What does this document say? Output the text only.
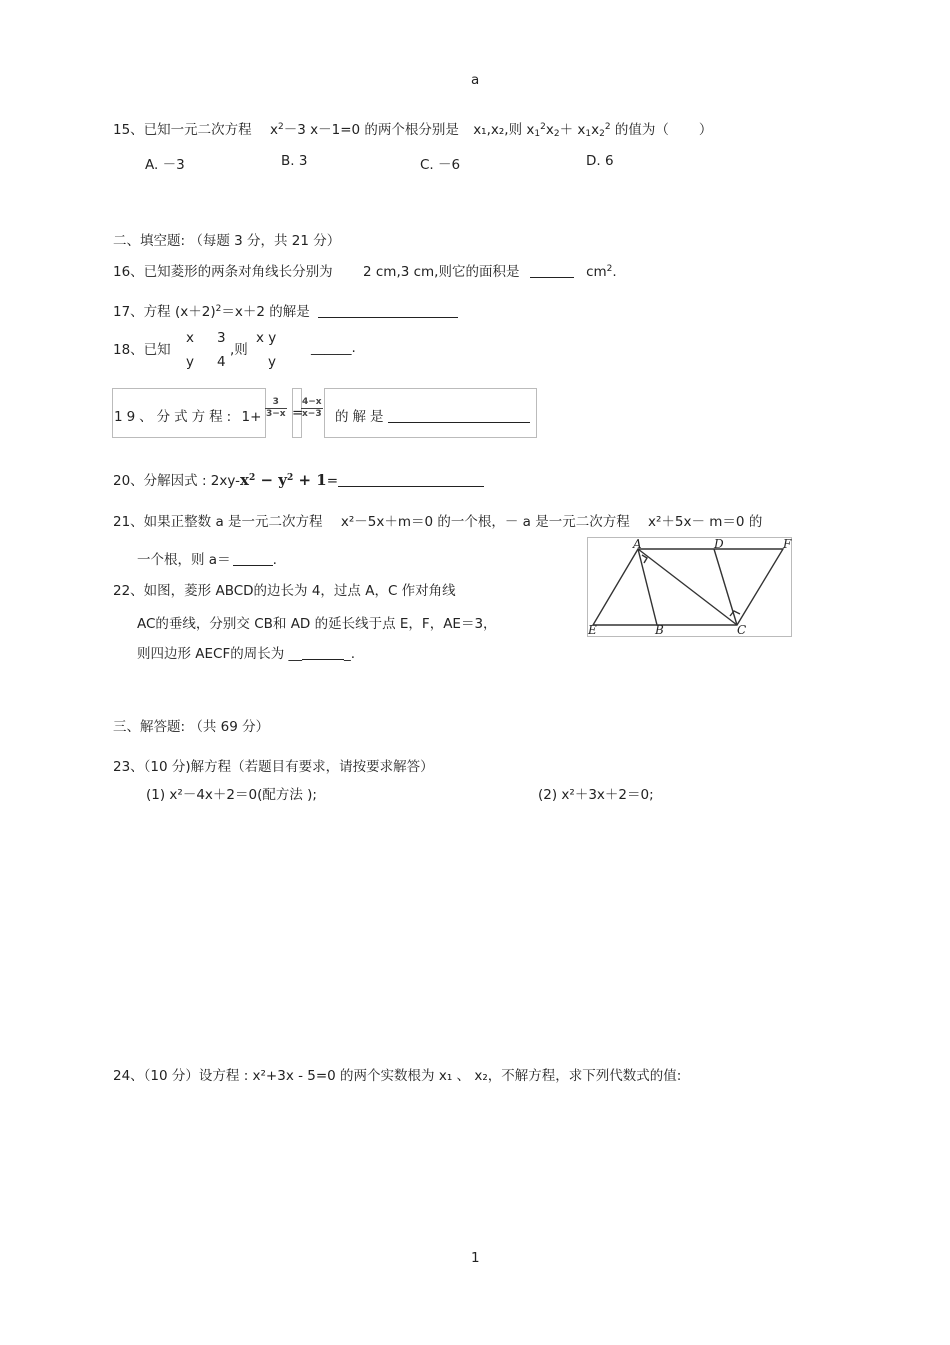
a
15、已知一元二次方程 $x^2-3$ x－1=0 的两个根分别是 x₁,x₂,则 $x_1^2x_2+ x_1x_2^2$ 的值为（ ）
A. －3	B. 3	C. －6	D. 6
二、填空题: （每题 3 分，共 21 分）
16、已知菱形的两条对角线长分别为 2 cm,3 cm,则它的面积是	$cm^2$.
17、方程 $(x+2)^2=x+2$ 的解是
18、已知
x
y
3
4
,则
x y
y
______.
19、分式方程: $1+ \frac{3}{3-x}$ =
$\frac{4-x}{x-3}$ 的解是
20、分解因式 : $2xy-x^2 - y^2 + 1=$
21、如果正整数 a 是一元二次方程 x²－5x＋m＝0 的一个根，－ a 是一元二次方程 x²＋5x－ m＝0 的
一个根，则 a＝	.
22、如图，菱形 ABCD的边长为 4，过点 A，C 作对角线
AC的垂线，分别交 CB和 AD 的延长线于点 E，F，AE＝3，
则四边形 AECF的周长为 __	_.
A	D	F
E	B	C
三、解答题: （共 69 分）
23、（10 分)解方程（若题目有要求，请按要求解答）
(1) x²－4x＋2＝0(配方法 );	(2) x²＋3x＋2＝0;
24、（10 分）设方程 : x²+3x - 5=0 的两个实数根为 x₁ 、 x₂，不解方程，求下列代数式的值:
1
